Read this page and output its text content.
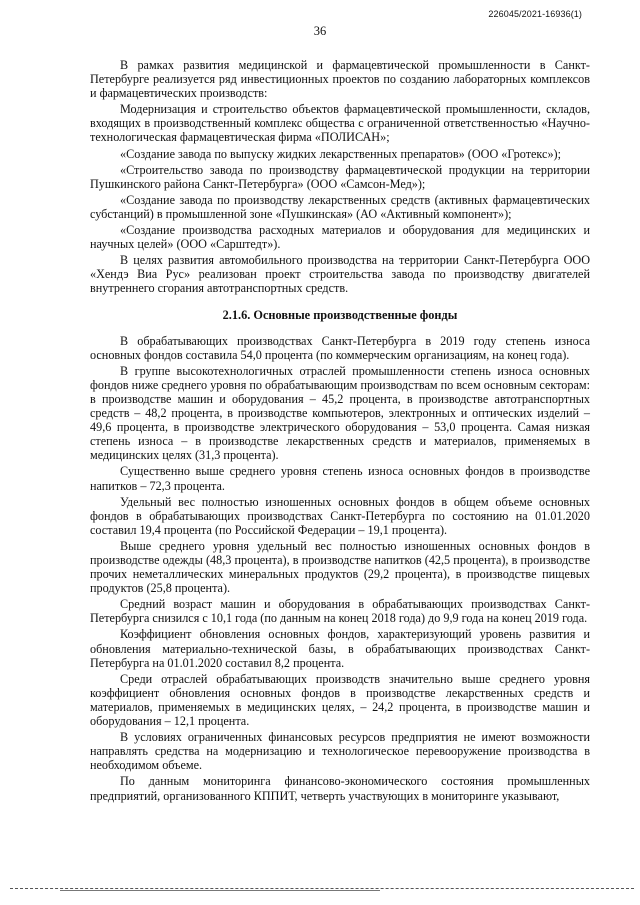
226045/2021-16936(1)
36

В рамках развития медицинской и фармацевтической промышленности в Санкт-Петербурге реализуется ряд инвестиционных проектов по созданию лабораторных комплексов и фармацевтических производств:

Модернизация и строительство объектов фармацевтической промышленности, складов, входящих в производственный комплекс общества с ограниченной ответственностью «Научно-технологическая фармацевтическая фирма «ПОЛИСАН»;

«Создание завода по выпуску жидких лекарственных препаратов» (ООО «Гротекс»);

«Строительство завода по производству фармацевтической продукции на территории Пушкинского района Санкт-Петербурга» (ООО «Самсон-Мед»);

«Создание завода по производству лекарственных средств (активных фармацевтических субстанций) в промышленной зоне «Пушкинская» (АО «Активный компонент»);

«Создание производства расходных материалов и оборудования для медицинских и научных целей» (ООО «Сарштедт»).

В целях развития автомобильного производства на территории Санкт-Петербурга ООО «Хендэ Виа Рус» реализован проект строительства завода по производству двигателей внутреннего сгорания автотранспортных средств.

2.1.6. Основные производственные фонды

В обрабатывающих производствах Санкт-Петербурга в 2019 году степень износа основных фондов составила 54,0 процента (по коммерческим организациям, на конец года).

В группе высокотехнологичных отраслей промышленности степень износа основных фондов ниже среднего уровня по обрабатывающим производствам по всем основным секторам: в производстве машин и оборудования – 45,2 процента, в производстве автотранспортных средств – 48,2 процента, в производстве компьютеров, электронных и оптических изделий – 49,6 процента, в производстве электрического оборудования – 53,0 процента. Самая низкая степень износа – в производстве лекарственных средств и материалов, применяемых в медицинских целях (31,3 процента).

Существенно выше среднего уровня степень износа основных фондов в производстве напитков – 72,3 процента.

Удельный вес полностью изношенных основных фондов в общем объеме основных фондов в обрабатывающих производствах Санкт-Петербурга по состоянию на 01.01.2020 составил 19,4 процента (по Российской Федерации – 19,1 процента).

Выше среднего уровня удельный вес полностью изношенных основных фондов в производстве одежды (48,3 процента), в производстве напитков (42,5 процента), в производстве прочих неметаллических минеральных продуктов (29,2 процента), в производстве пищевых продуктов (25,8 процента).

Средний возраст машин и оборудования в обрабатывающих производствах Санкт-Петербурга снизился с 10,1 года (по данным на конец 2018 года) до 9,9 года на конец 2019 года.

Коэффициент обновления основных фондов, характеризующий уровень развития и обновления материально-технической базы, в обрабатывающих производствах Санкт-Петербурга на 01.01.2020 составил 8,2 процента.

Среди отраслей обрабатывающих производств значительно выше среднего уровня коэффициент обновления основных фондов в производстве лекарственных средств и материалов, применяемых в медицинских целях, – 24,2 процента, в производстве машин и оборудования – 12,1 процента.

В условиях ограниченных финансовых ресурсов предприятия не имеют возможности направлять средства на модернизацию и технологическое перевооружение производства в необходимом объеме.

По данным мониторинга финансово-экономического состояния промышленных предприятий, организованного КППИТ, четверть участвующих в мониторинге указывают,
